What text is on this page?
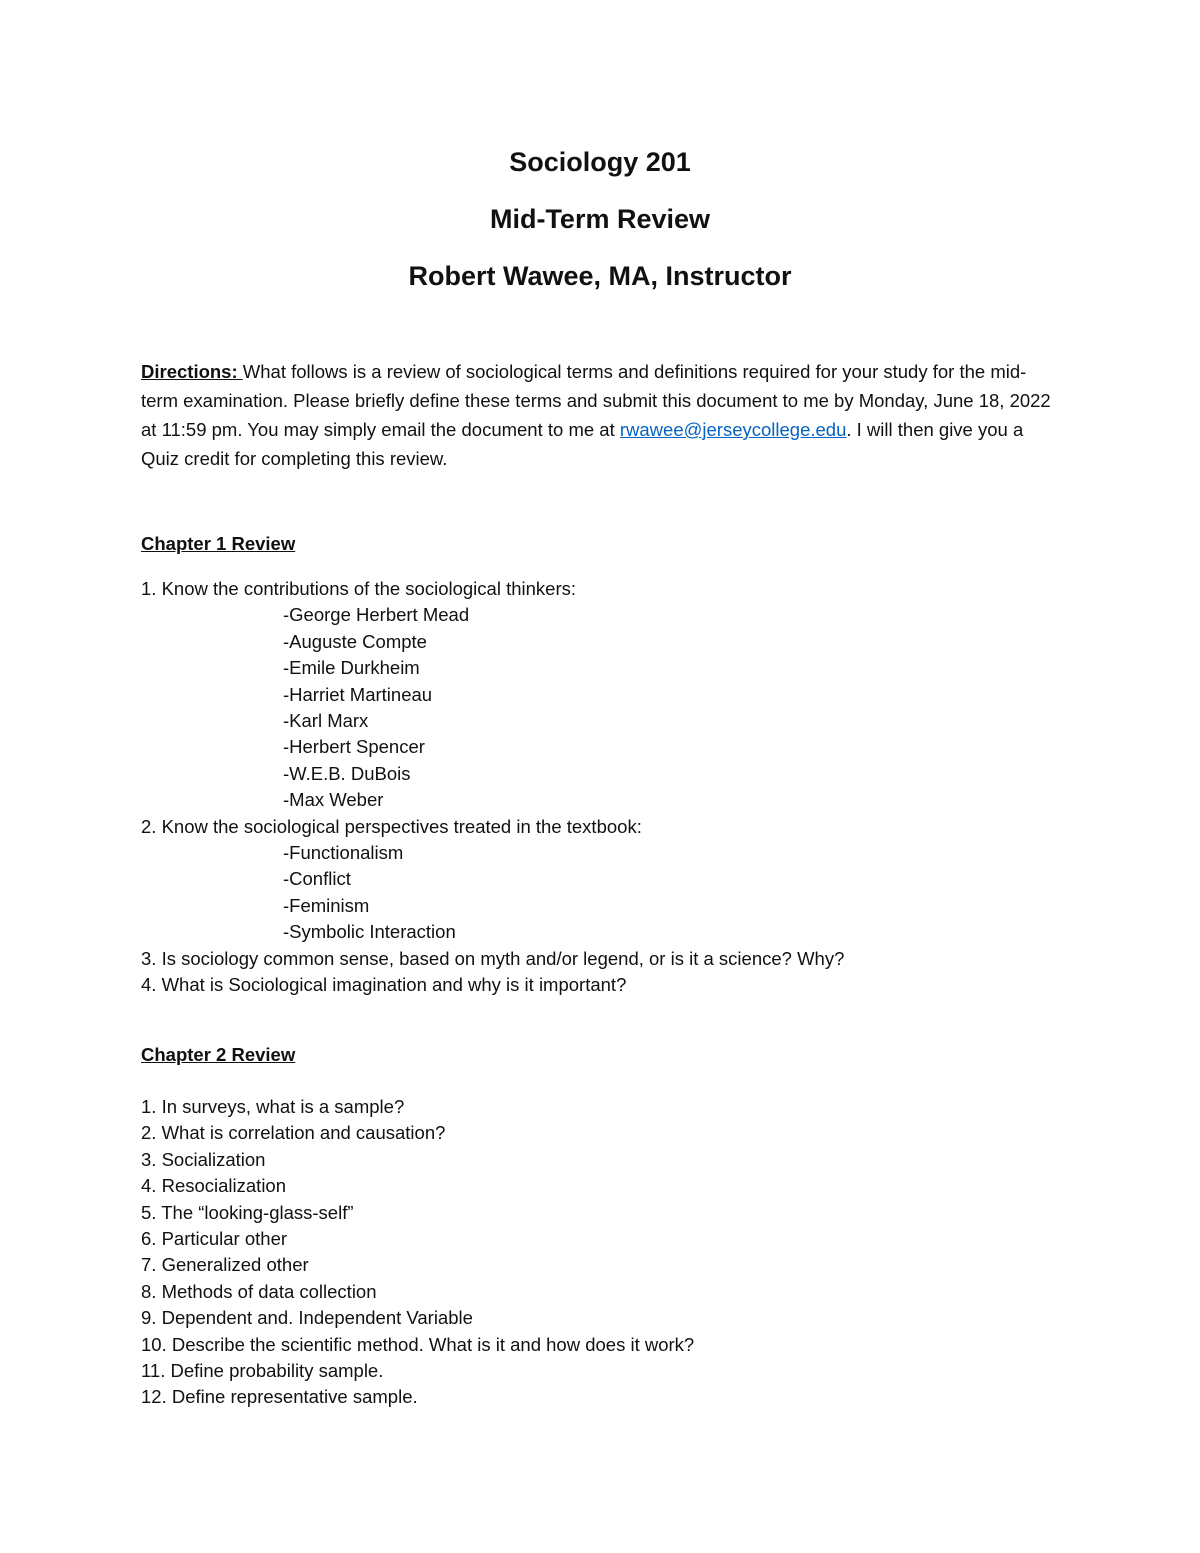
Sociology 201

Mid-Term Review

Robert Wawee, MA, Instructor

Directions: What follows is a review of sociological terms and definitions required for your study for the mid-term examination. Please briefly define these terms and submit this document to me by Monday, June 18, 2022 at 11:59 pm. You may simply email the document to me at rwawee@jerseycollege.edu. I will then give you a Quiz credit for completing this review.

Chapter 1 Review

1. Know the contributions of the sociological thinkers:
-George Herbert Mead
-Auguste Compte
-Emile Durkheim
-Harriet Martineau
-Karl Marx
-Herbert Spencer
-W.E.B. DuBois
-Max Weber
2. Know the sociological perspectives treated in the textbook:
-Functionalism
-Conflict
-Feminism
-Symbolic Interaction
3. Is sociology common sense, based on myth and/or legend, or is it a science? Why?
4. What is Sociological imagination and why is it important?

Chapter 2 Review

1. In surveys, what is a sample?
2. What is correlation and causation?
3. Socialization
4. Resocialization
5. The “looking-glass-self”
6. Particular other
7. Generalized other
8. Methods of data collection
9. Dependent and. Independent Variable
10. Describe the scientific method. What is it and how does it work?
11. Define probability sample.
12. Define representative sample.
